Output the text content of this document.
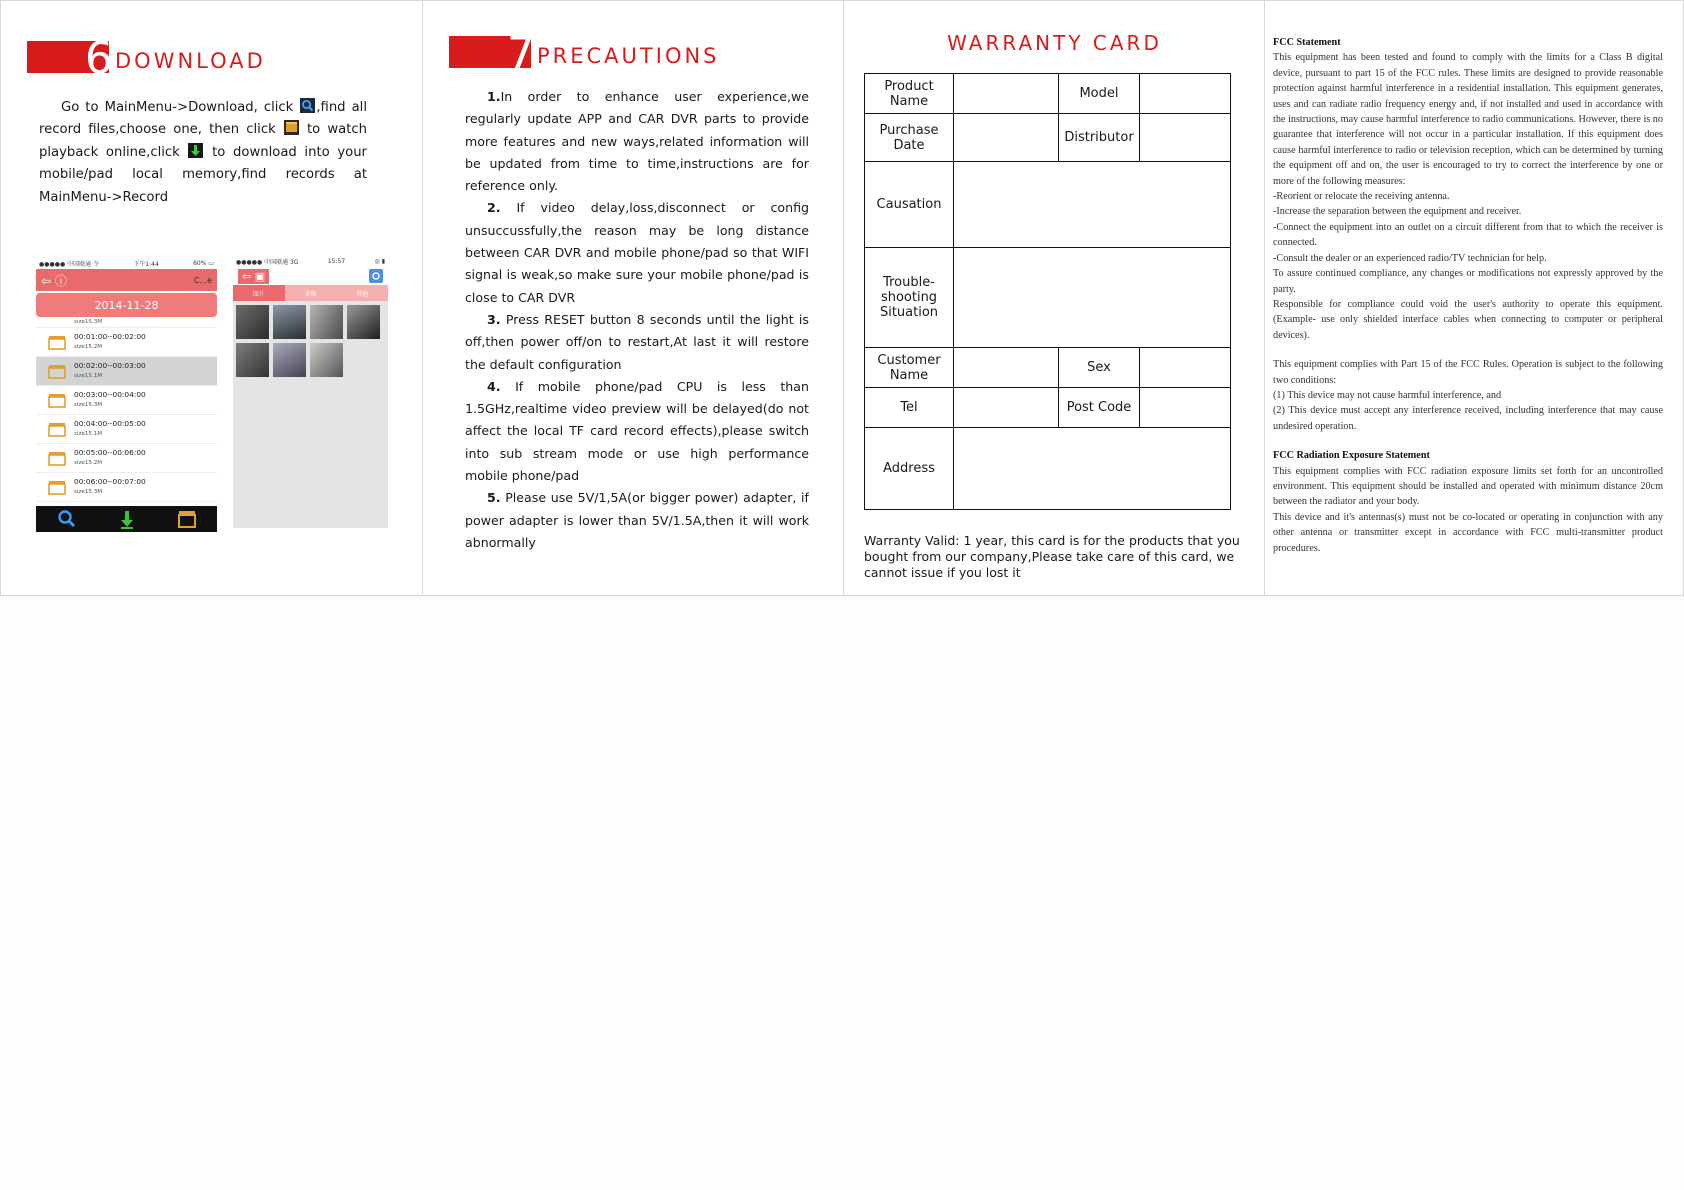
6 DOWNLOAD
Go to MainMenu->Download, click ,find all record files,choose one, then click to watch playback online,click to download into your mobile/pad local memory,find records at MainMenu->Record
●●●●● 中国联通 令	下午1:44	60% ▭
⇦ ⓘ	C...e
2014-11-28
size15.3M
00:01:00--00:02:00
size15.2M
00:02:00--00:03:00
size15.1M
00:03:00--00:04:00
size15.3M
00:04:00--00:05:00
size15.1M
00:05:00--00:06:00
size15.2M
00:06:00--00:07:00
size15.3M
●●●●● 中国联通 3G	15:57	◎ ▮
⇦ ▣
图片	录像	其他
7 PRECAUTIONS

1.In order to enhance user experience,we regularly update APP and CAR DVR parts to provide more features and new ways,related information will be updated from time to time,instructions are for reference only.

2. If video delay,loss,disconnect or config unsuccussfully,the reason may be long distance between CAR DVR and mobile phone/pad so that WIFI signal is weak,so make sure your mobile phone/pad is close to CAR DVR

3. Press RESET button 8 seconds until the light is off,then power off/on to restart,At last it will restore the default configuration

4. If mobile phone/pad CPU is less than 1.5GHz,realtime video preview will be delayed(do not affect the local TF card record effects),please switch into sub stream mode or use high performance mobile phone/pad

5. Please use 5V/1,5A(or bigger power) adapter, if power adapter is lower than 5V/1.5A,then it will work abnormally

WARRANTY CARD
Product Name		Model	
Purchase Date		Distributor	
Causation			
Trouble-shooting Situation			
Customer Name		Sex	
Tel		Post Code	
Address			
Warranty Valid: 1 year, this card is for the products that you bought from our company,Please take care of this card, we cannot issue if you lost it

FCC Statement

This equipment has been tested and found to comply with the limits for a Class B digital device, pursuant to part 15 of the FCC rules. These limits are designed to provide reasonable protection against harmful interference in a residential installation. This equipment generates, uses and can radiate radio frequency energy and, if not installed and used in accordance with the instructions, may cause harmful interference to radio communications. However, there is no guarantee that interference will not occur in a particular installation. If this equipment does cause harmful interference to radio or television reception, which can be determined by turning the equipment off and on, the user is encouraged to try to correct the interference by one or more of the following measures:

-Reorient or relocate the receiving antenna.

-Increase the separation between the equipment and receiver.

-Connect the equipment into an outlet on a circuit different from that to which the receiver is connected.

-Consult the dealer or an experienced radio/TV technician for help.

To assure continued compliance, any changes or modifications not expressly approved by the party.

Responsible for compliance could void the user's authority to operate this equipment. (Example- use only shielded interface cables when connecting to computer or peripheral devices).

This equipment complies with Part 15 of the FCC Rules. Operation is subject to the following two conditions:

(1) This device may not cause harmful interference, and

(2) This device must accept any interference received, including interference that may cause undesired operation.

FCC Radiation Exposure Statement

This equipment complies with FCC radiation exposure limits set forth for an uncontrolled environment. This equipment should be installed and operated with minimum distance 20cm between the radiator and your body.

This device and it's antennas(s) must not be co-located or operating in conjunction with any other antenna or transmitter except in accordance with FCC multi-transmitter product procedures.
